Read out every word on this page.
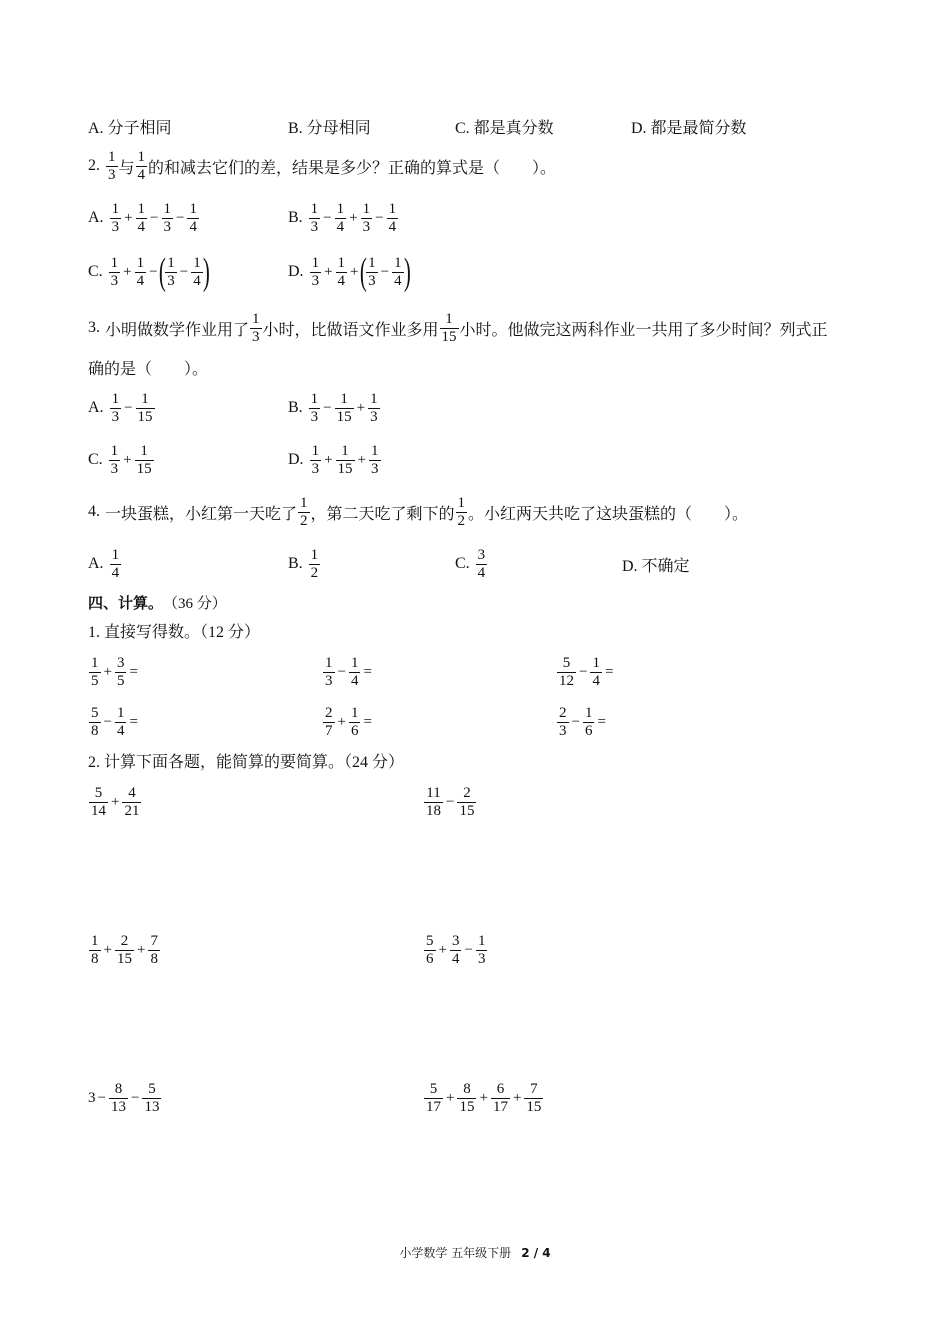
A. 分子相同	B. 分母相同	C. 都是真分数	D. 都是最简分数
2. $\frac{1}{3}$ 与 $\frac{1}{4}$ 的和减去它们的差，结果是多少？正确的算式是（　　）。
A. $\frac{1}{3} + \frac{1}{4} - \frac{1}{3} - \frac{1}{4}$	B. $\frac{1}{3} - \frac{1}{4} + \frac{1}{3} - \frac{1}{4}$
C. $\frac{1}{3} + \frac{1}{4}$ − ( $\frac{1}{3} - \frac{1}{4}$ )	D. $\frac{1}{3} + \frac{1}{4}$ + ( $\frac{1}{3} - \frac{1}{4}$ )
3. 小明做数学作业用了 $\frac{1}{3}$ 小时，比做语文作业多用 $\frac{1}{15}$ 小时。他做完这两科作业一共用了多少时间？列式正
确的是（　　）。
A. $\frac{1}{3} - \frac{1}{15}$	B. $\frac{1}{3} - \frac{1}{15} + \frac{1}{3}$
C. $\frac{1}{3} + \frac{1}{15}$	D. $\frac{1}{3} + \frac{1}{15} + \frac{1}{3}$
4. 一块蛋糕，小红第一天吃了 $\frac{1}{2}$ ，第二天吃了剩下的 $\frac{1}{2}$ 。小红两天共吃了这块蛋糕的（　　）。
A. $\frac{1}{4}$	B. $\frac{1}{2}$	C. $\frac{3}{4}$	D. 不确定
四、计算。 （36 分）
1. 直接写得数。（12 分）
$\frac{1}{5} + \frac{3}{5}$ =	$\frac{1}{3} - \frac{1}{4}$ =	$\frac{5}{12} - \frac{1}{4}$ =
$\frac{5}{8} - \frac{1}{4}$ =	$\frac{2}{7} + \frac{1}{6}$ =	$\frac{2}{3} - \frac{1}{6}$ =
2. 计算下面各题，能简算的要简算。（24 分）
$\frac{5}{14} + \frac{4}{21}$	$\frac{11}{18} - \frac{2}{15}$
$\frac{1}{8} + \frac{2}{15} + \frac{7}{8}$	$\frac{5}{6} + \frac{3}{4} - \frac{1}{3}$
$3 - \frac{8}{13} - \frac{5}{13}$	$\frac{5}{17} + \frac{8}{15} + \frac{6}{17} + \frac{7}{15}$
小学数学 五年级下册 2 / 4
